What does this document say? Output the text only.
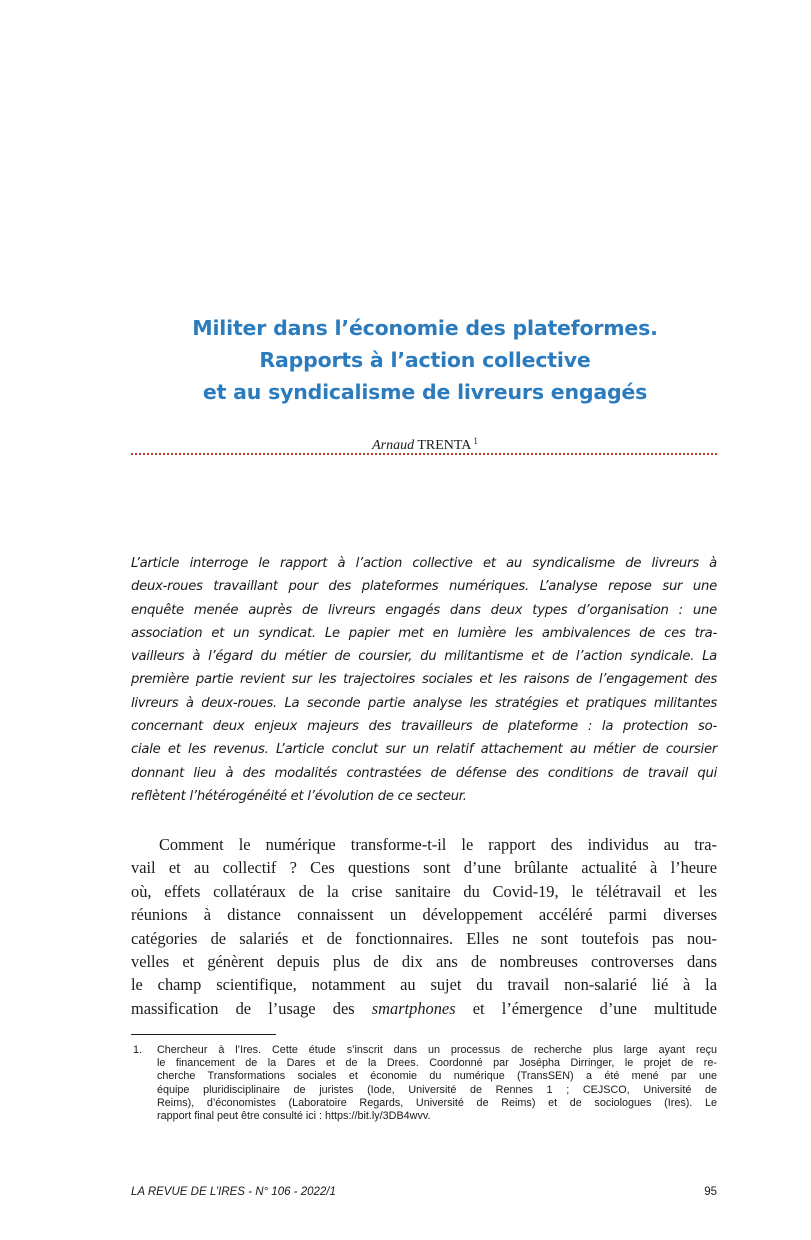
Militer dans l’économie des plateformes.
Rapports à l’action collective
et au syndicalisme de livreurs engagés
Arnaud TRENTA $^1$
L’article interroge le rapport à l’action collective et au syndicalisme de livreurs à
deux-roues travaillant pour des plateformes numériques. L’analyse repose sur une
enquête menée auprès de livreurs engagés dans deux types d’organisation : une
association et un syndicat. Le papier met en lumière les ambivalences de ces tra-
vailleurs à l’égard du métier de coursier, du militantisme et de l’action syndicale. La
première partie revient sur les trajectoires sociales et les raisons de l’engagement des
livreurs à deux-roues. La seconde partie analyse les stratégies et pratiques militantes
concernant deux enjeux majeurs des travailleurs de plateforme : la protection so-
ciale et les revenus. L’article conclut sur un relatif attachement au métier de coursier
donnant lieu à des modalités contrastées de défense des conditions de travail qui
reflètent l’hétérogénéité et l’évolution de ce secteur.
Comment le numérique transforme-t-il le rapport des individus au tra-
vail et au collectif ? Ces questions sont d’une brûlante actualité à l’heure
où, effets collatéraux de la crise sanitaire du Covid-19, le télétravail et les
réunions à distance connaissent un développement accéléré parmi diverses
catégories de salariés et de fonctionnaires. Elles ne sont toutefois pas nou-
velles et génèrent depuis plus de dix ans de nombreuses controverses dans
le champ scientifique, notamment au sujet du travail non-salarié lié à la
massification de l’usage des smartphones et l’émergence d’une multitude
1. Chercheur à l’Ires. Cette étude s’inscrit dans un processus de recherche plus large ayant reçu
le financement de la Dares et de la Drees. Coordonné par Josépha Dirringer, le projet de re-
cherche Transformations sociales et économie du numérique (TransSEN) a été mené par une
équipe pluridisciplinaire de juristes (Iode, Université de Rennes 1 ; CEJSCO, Université de
Reims), d’économistes (Laboratoire Regards, Université de Reims) et de sociologues (Ires). Le
rapport final peut être consulté ici : https://bit.ly/3DB4wvv.
LA REVUE DE L’IRES - N° 106 - 2022/1	95
